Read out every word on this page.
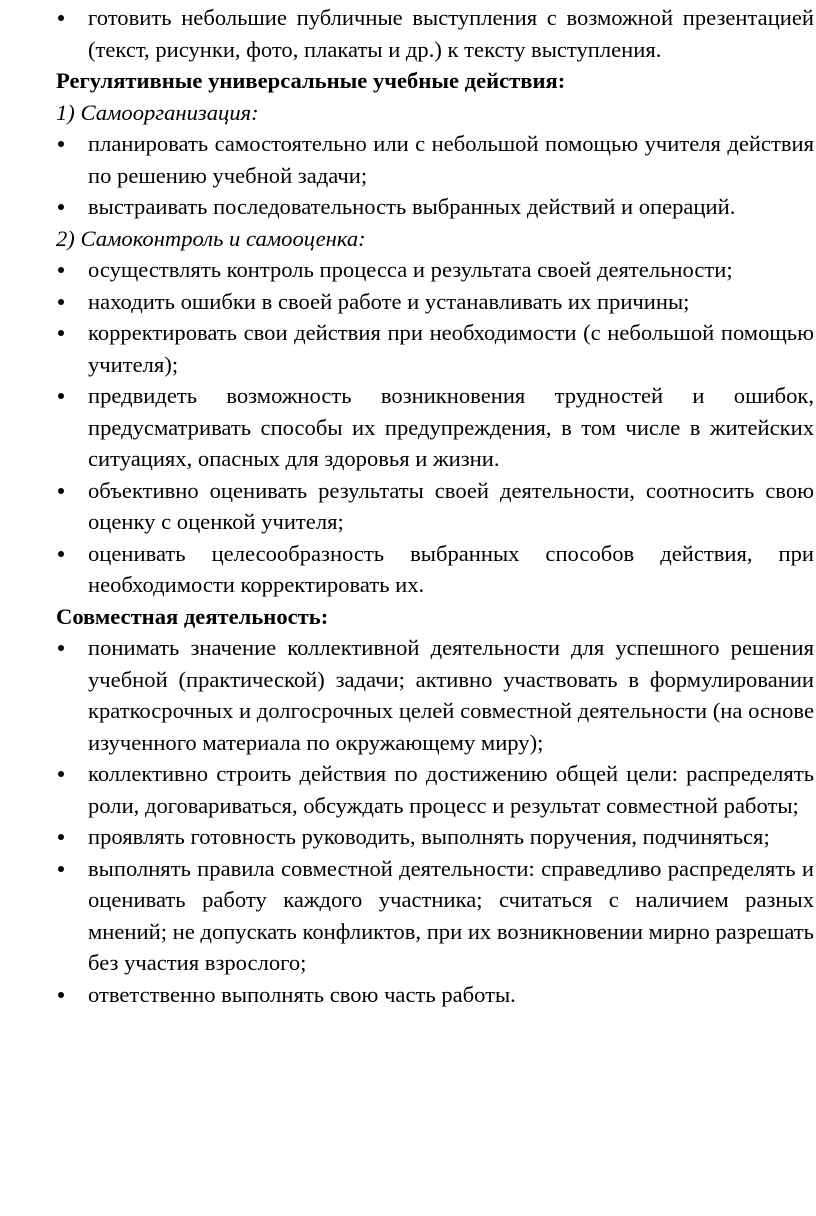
готовить небольшие публичные выступления с возможной презентацией (текст, рисунки, фото, плакаты и др.) к тексту выступления.
Регулятивные универсальные учебные действия:
1) Самоорганизация:
планировать самостоятельно или с небольшой помощью учителя действия по решению учебной задачи;
выстраивать последовательность выбранных действий и операций.
2) Самоконтроль и самооценка:
осуществлять контроль процесса и результата своей деятельности;
находить ошибки в своей работе и устанавливать их причины;
корректировать свои действия при необходимости (с небольшой помощью учителя);
предвидеть возможность возникновения трудностей и ошибок, предусматривать способы их предупреждения, в том числе в житейских ситуациях, опасных для здоровья и жизни.
объективно оценивать результаты своей деятельности, соотносить свою оценку с оценкой учителя;
оценивать целесообразность выбранных способов действия, при необходимости корректировать их.
Совместная деятельность:
понимать значение коллективной деятельности для успешного решения учебной (практической) задачи; активно участвовать в формулировании краткосрочных и долгосрочных целей совместной деятельности (на основе изученного материала по окружающему миру);
коллективно строить действия по достижению общей цели: распределять роли, договариваться, обсуждать процесс и результат совместной работы;
проявлять готовность руководить, выполнять поручения, подчиняться;
выполнять правила совместной деятельности: справедливо распределять и оценивать работу каждого участника; считаться с наличием разных мнений; не допускать конфликтов, при их возникновении мирно разрешать без участия взрослого;
ответственно выполнять свою часть работы.
